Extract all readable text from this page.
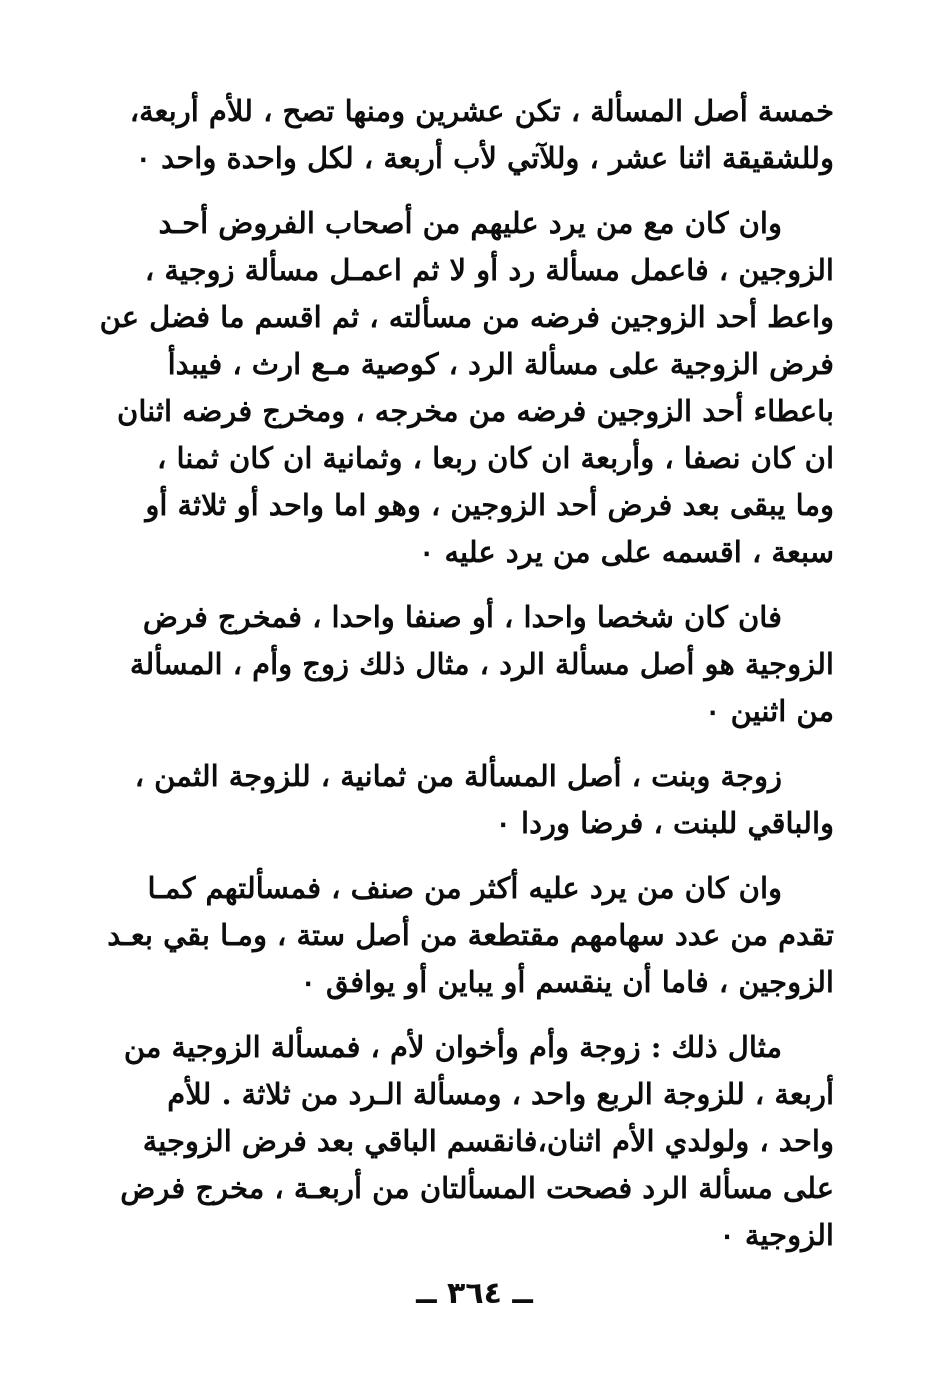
خمسة أصل المسألة ، تكن عشرين ومنها تصح ، للأم أربعة،
وللشقيقة اثنا عشر ، وللآتي لأب أربعة ، لكل واحدة واحد ٠

وان كان مع من يرد عليهم من أصحاب الفروض أحـد
الزوجين ، فاعمل مسألة رد أو لا ثم اعمـل مسألة زوجية ،
واعط أحد الزوجين فرضه من مسألته ، ثم اقسم ما فضل عن
فرض الزوجية على مسألة الرد ، كوصية مـع ارث ، فيبدأ
باعطاء أحد الزوجين فرضه من مخرجه ، ومخرج فرضه اثنان
ان كان نصفا ، وأربعة ان كان ربعا ، وثمانية ان كان ثمنا ،
وما يبقى بعد فرض أحد الزوجين ، وهو اما واحد أو ثلاثة أو
سبعة ، اقسمه على من يرد عليه ٠

فان كان شخصا واحدا ، أو صنفا واحدا ، فمخرج فرض
الزوجية هو أصل مسألة الرد ، مثال ذلك زوج وأم ، المسألة
من اثنين ٠

زوجة وبنت ، أصل المسألة من ثمانية ، للزوجة الثمن ،
والباقي للبنت ، فرضا وردا ٠

وان كان من يرد عليه أكثر من صنف ، فمسألتهم كمـا
تقدم من عدد سهامهم مقتطعة من أصل ستة ، ومـا بقي بعـد
الزوجين ، فاما أن ينقسم أو يباين أو يوافق ٠

مثال ذلك : زوجة وأم وأخوان لأم ، فمسألة الزوجية من
أربعة ، للزوجة الربع واحد ، ومسألة الـرد من ثلاثة . للأم
واحد ، ولولدي الأم اثنان،فانقسم الباقي بعد فرض الزوجية
على مسألة الرد فصحت المسألتان من أربعـة ، مخرج فرض
الزوجية ٠

ــ ٣٦٤ ــ
